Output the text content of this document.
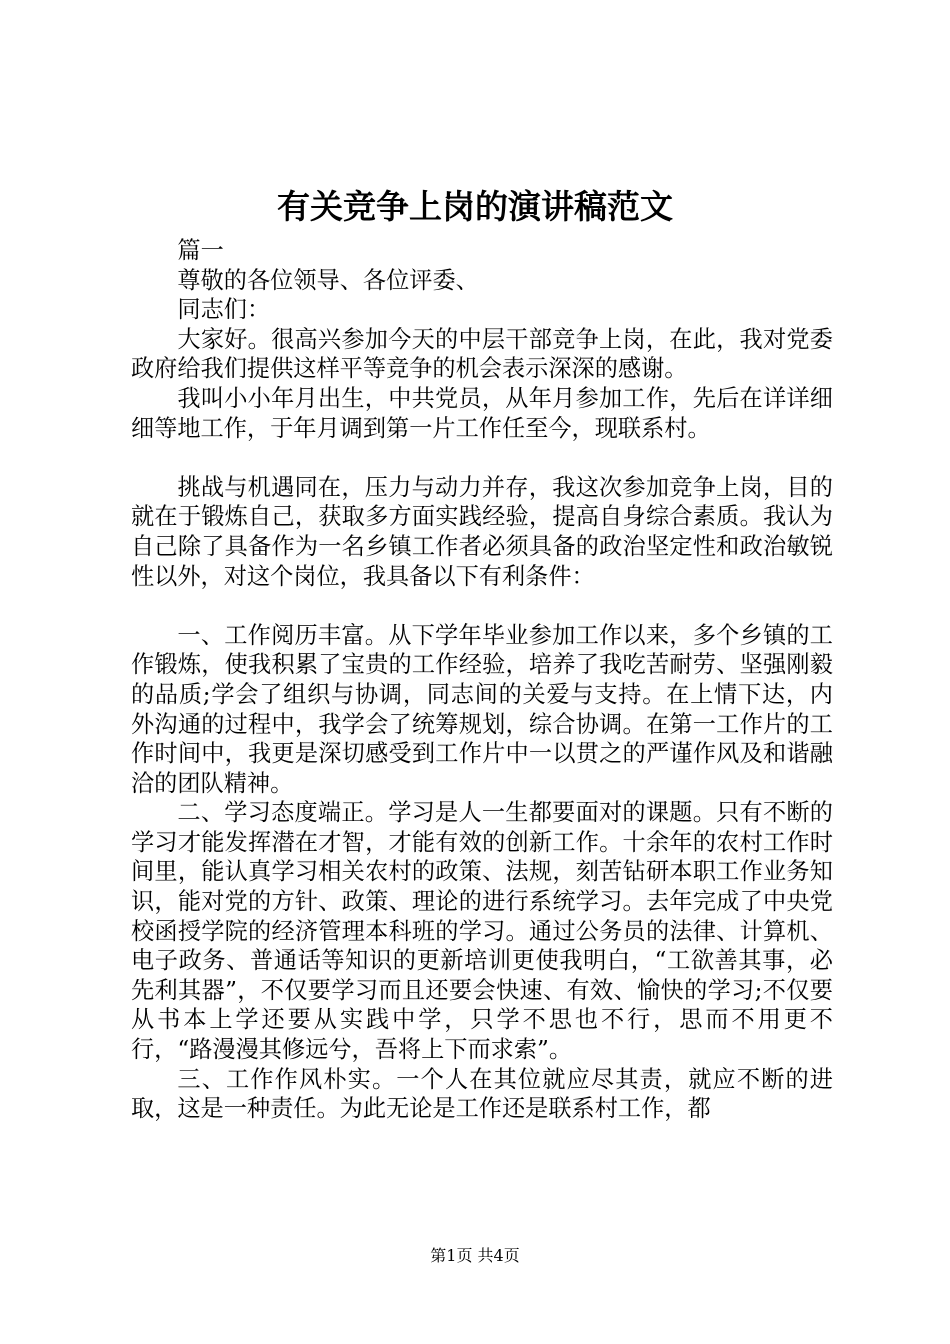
有关竞争上岗的演讲稿范文

篇一

尊敬的各位领导、各位评委、

同志们：

大家好。很高兴参加今天的中层干部竞争上岗，在此，我对党委政府给我们提供这样平等竞争的机会表示深深的感谢。

我叫小小年月出生，中共党员，从年月参加工作，先后在详详细细等地工作，于年月调到第一片工作任至今，现联系村。

挑战与机遇同在，压力与动力并存，我这次参加竞争上岗，目的就在于锻炼自己，获取多方面实践经验，提高自身综合素质。我认为自己除了具备作为一名乡镇工作者必须具备的政治坚定性和政治敏锐性以外，对这个岗位，我具备以下有利条件：

一、工作阅历丰富。从下学年毕业参加工作以来，多个乡镇的工作锻炼，使我积累了宝贵的工作经验，培养了我吃苦耐劳、坚强刚毅的品质;学会了组织与协调，同志间的关爱与支持。在上情下达，内外沟通的过程中，我学会了统筹规划，综合协调。在第一工作片的工作时间中，我更是深切感受到工作片中一以贯之的严谨作风及和谐融洽的团队精神。

二、学习态度端正。学习是人一生都要面对的课题。只有不断的学习才能发挥潜在才智，才能有效的创新工作。十余年的农村工作时间里，能认真学习相关农村的政策、法规，刻苦钻研本职工作业务知识，能对党的方针、政策、理论的进行系统学习。去年完成了中央党校函授学院的经济管理本科班的学习。通过公务员的法律、计算机、电子政务、普通话等知识的更新培训更使我明白，“工欲善其事，必先利其器”，不仅要学习而且还要会快速、有效、愉快的学习;不仅要从书本上学还要从实践中学，只学不思也不行，思而不用更不行，“路漫漫其修远兮，吾将上下而求索”。

三、工作作风朴实。一个人在其位就应尽其责，就应不断的进取，这是一种责任。为此无论是工作还是联系村工作，都

第1页 共4页
